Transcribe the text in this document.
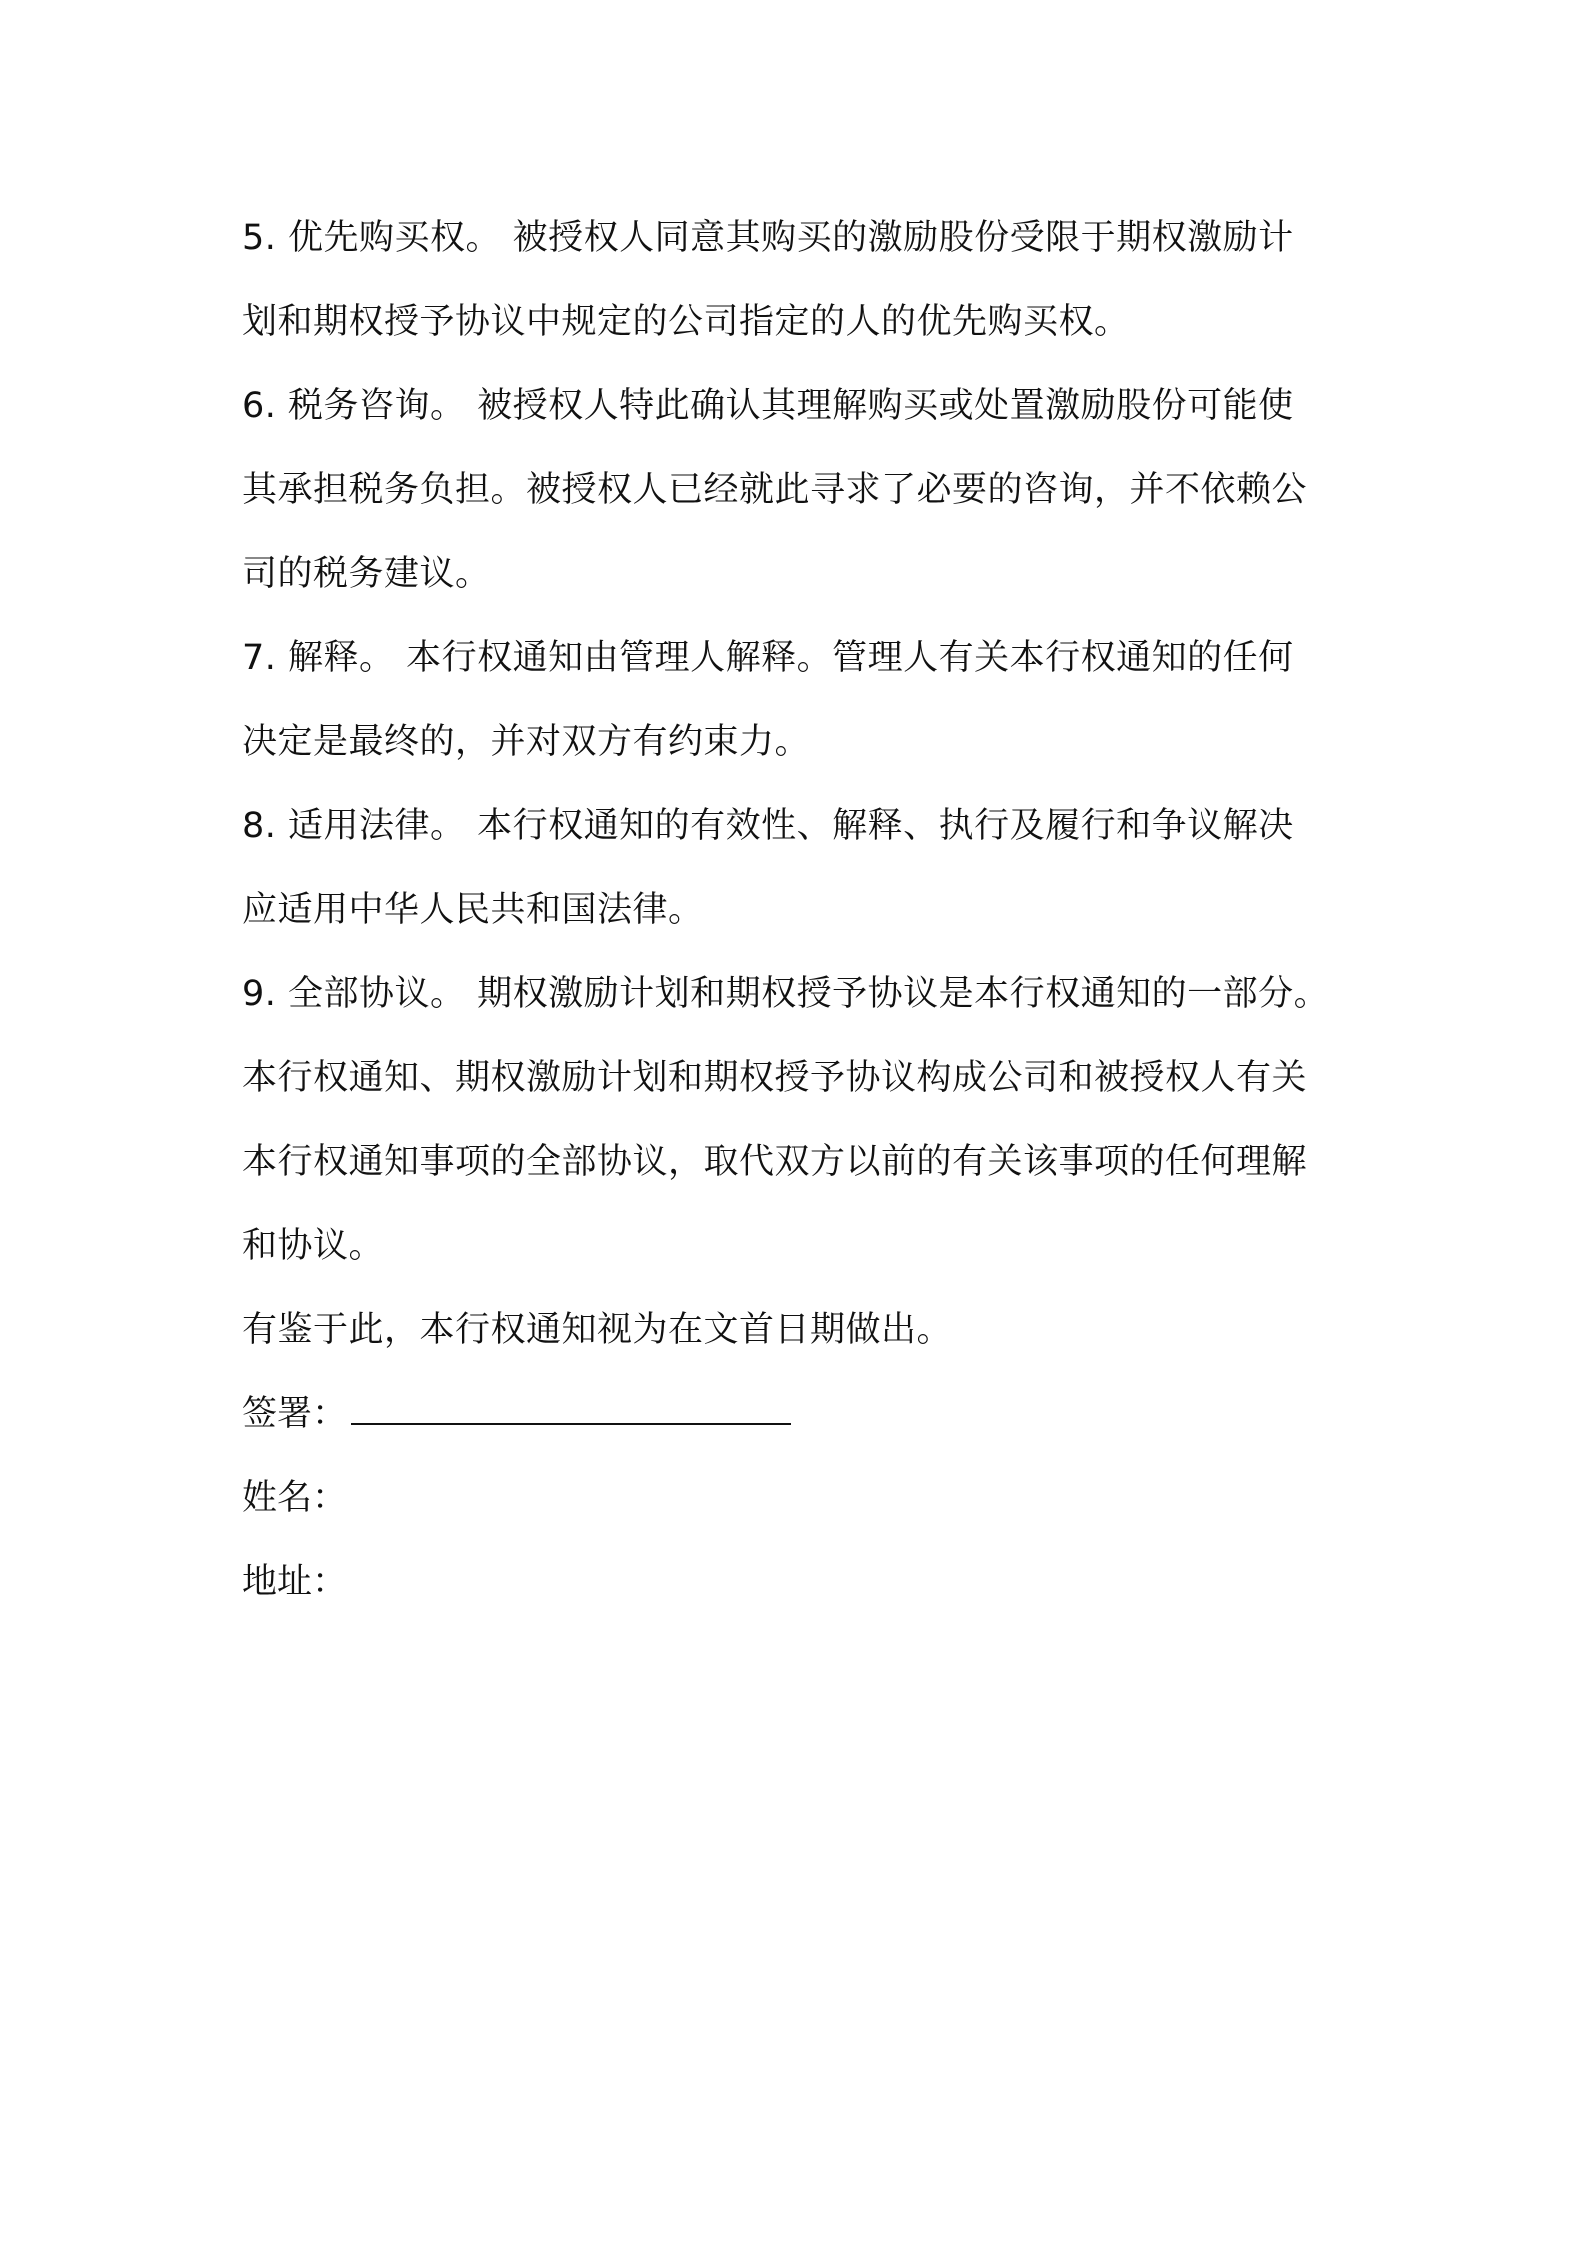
5. 优先购买权。 被授权人同意其购买的激励股份受限于期权激励计
划和期权授予协议中规定的公司指定的人的优先购买权。
6. 税务咨询。 被授权人特此确认其理解购买或处置激励股份可能使
其承担税务负担。被授权人已经就此寻求了必要的咨询，并不依赖公
司的税务建议。
7. 解释。 本行权通知由管理人解释。管理人有关本行权通知的任何
决定是最终的，并对双方有约束力。
8. 适用法律。 本行权通知的有效性、解释、执行及履行和争议解决
应适用中华人民共和国法律。
9. 全部协议。 期权激励计划和期权授予协议是本行权通知的一部分。
本行权通知、期权激励计划和期权授予协议构成公司和被授权人有关
本行权通知事项的全部协议，取代双方以前的有关该事项的任何理解
和协议。
有鉴于此，本行权通知视为在文首日期做出。
签署：
姓名：
地址：
